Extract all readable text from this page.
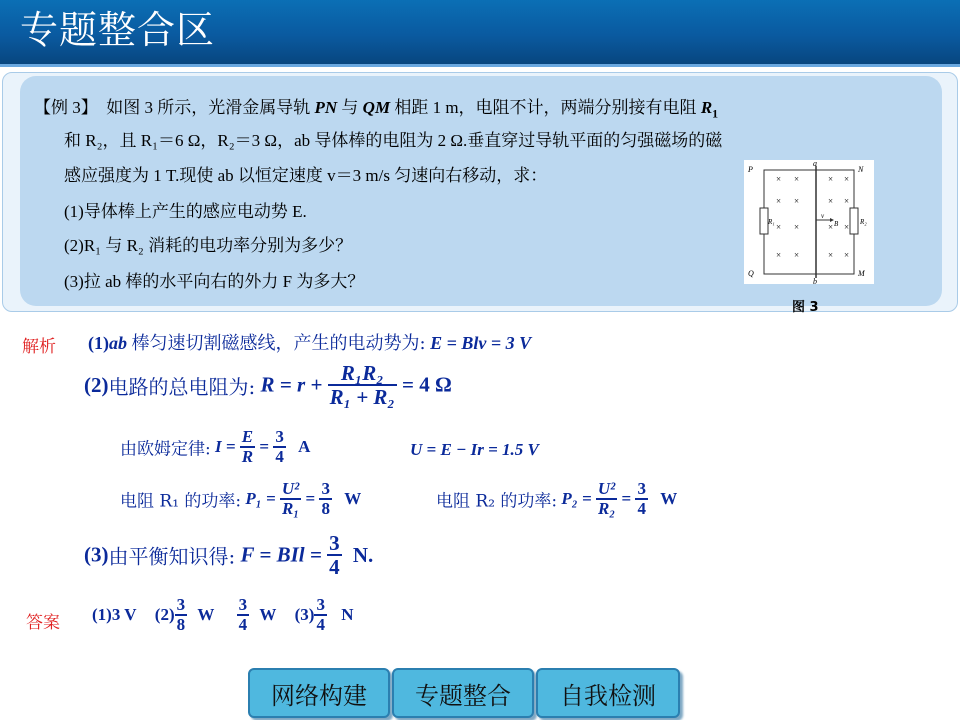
专题整合区
【例 3】 如图 3 所示，光滑金属导轨 PN 与 QM 相距 1 m，电阻不计，两端分别接有电阻 $R_1$
和 R₂，且 R₁＝6 Ω，R₂＝3 Ω，ab 导体棒的电阻为 2 Ω.垂直穿过导轨平面的匀强磁场的磁
感应强度为 1 T.现使 ab 以恒定速度 v＝3 m/s 匀速向右移动，求：
(1)导体棒上产生的感应电动势 E.
(2)R₁ 与 R₂ 消耗的电功率分别为多少？
(3)拉 ab 棒的水平向右的外力 F 为多大？
×
×
×
×
×
×
×
×
×
×
×
×
×
×
×
×
P	N
Q	M
a
b
R₁	R₂
v
B
图 3
解析 (1)ab 棒匀速切割磁感线，产生的电动势为: E = Blv = 3 V
(2)电路的总电阻为: $R = r + \frac{\text{R₁R₂}}{\text{R₁ + R₂}} = 4$ Ω
由欧姆定律: $I = \frac{E}{R} = \frac{3}{4}$ A	U = E − Ir = 1.5 V
电阻 R₁ 的功率: $P_1 = \frac{\text{U²}}{\text{R₁}} = \frac{3}{8}$ W	电阻 R₂ 的功率: $P_2 = \frac{\text{U²}}{\text{R₂}} = \frac{3}{4}$ W
(3)由平衡知识得: F = BIl = $\frac{3}{4} N$.
答案 (1)3 V $(2) \frac{3}{8}$ W $\frac{3}{4}$ W $(3) \frac{3}{4}$ N
网络构建	专题整合	自我检测
